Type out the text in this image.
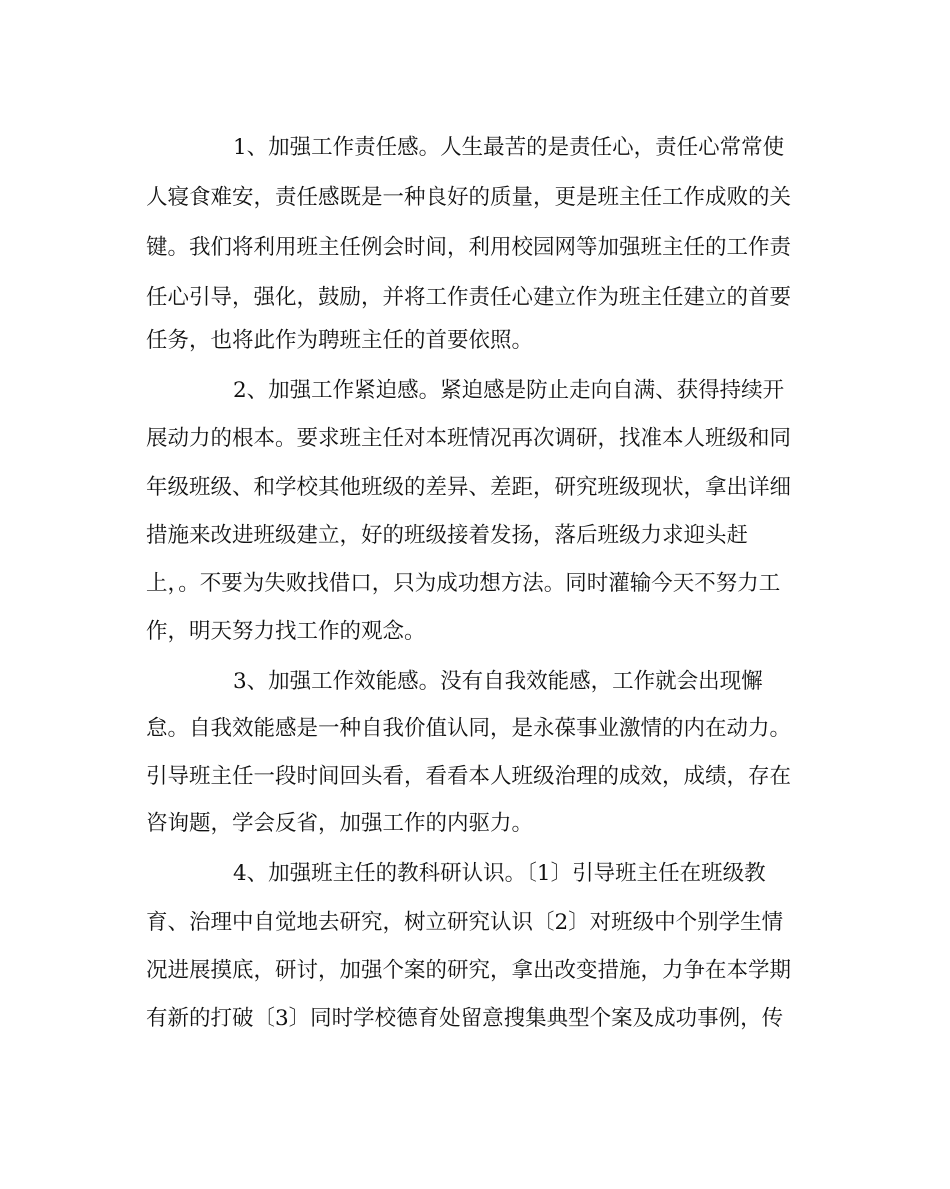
1、加强工作责任感。人生最苦的是责任心，责任心常常使
人寝食难安，责任感既是一种良好的质量，更是班主任工作成败的关
键。我们将利用班主任例会时间，利用校园网等加强班主任的工作责
任心引导，强化，鼓励，并将工作责任心建立作为班主任建立的首要
任务，也将此作为聘班主任的首要依照。
2、加强工作紧迫感。紧迫感是防止走向自满、获得持续开
展动力的根本。要求班主任对本班情况再次调研，找准本人班级和同
年级班级、和学校其他班级的差异、差距，研究班级现状，拿出详细
措施来改进班级建立，好的班级接着发扬，落后班级力求迎头赶
上，。不要为失败找借口，只为成功想方法。同时灌输今天不努力工
作，明天努力找工作的观念。
3、加强工作效能感。没有自我效能感，工作就会出现懈
怠。自我效能感是一种自我价值认同，是永葆事业激情的内在动力。
引导班主任一段时间回头看，看看本人班级治理的成效，成绩，存在
咨询题，学会反省，加强工作的内驱力。
4、加强班主任的教科研认识。〔1〕引导班主任在班级教
育、治理中自觉地去研究，树立研究认识〔2〕对班级中个别学生情
况进展摸底，研讨，加强个案的研究，拿出改变措施，力争在本学期
有新的打破〔3〕同时学校德育处留意搜集典型个案及成功事例，传
